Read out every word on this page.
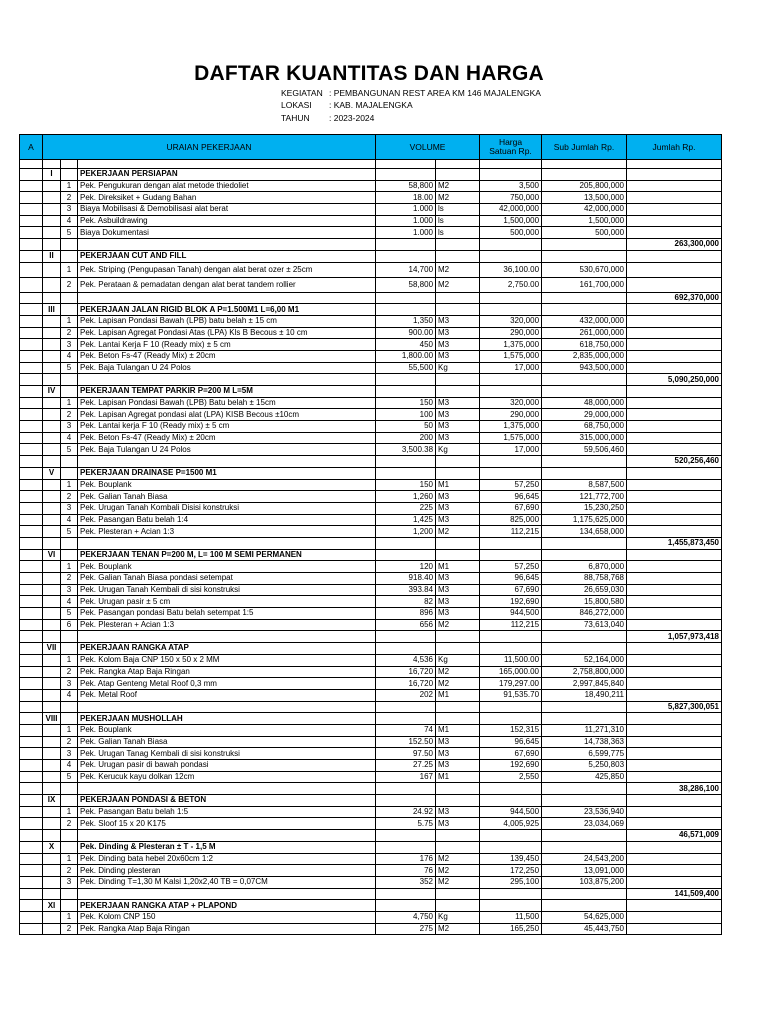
DAFTAR KUANTITAS DAN HARGA
KEGIATAN : PEMBANGUNAN REST AREA KM 146 MAJALENGKA
LOKASI	: KAB. MAJALENGKA
TAHUN	: 2023-2024
A	URAIAN PEKERJAAN			VOLUME		Harga
Satuan Rp.	Sub Jumlah Rp.	Jumlah Rp.

	I		PEKERJAAN PERSIAPAN					
		1	Pek. Pengukuran dengan alat metode thiedoliet	58,800	M2	3,500	205,800,000	
		2	Pek. Direksiket + Gudang Bahan	18.00	M2	750,000	13,500,000	
		3	Biaya Mobilisasi & Demobilisasi alat berat	1.000	ls	42,000,000	42,000,000	
		4	Pek. Asbuildrawing	1.000	ls	1,500,000	1,500,000	
		5	Biaya Dokumentasi	1.000	ls	500,000	500,000	
								263,300,000
	II		PEKERJAAN CUT AND FILL					
		1	Pek. Striping (Pengupasan Tanah) dengan alat berat ozer ± 25cm	14,700	M2	36,100.00	530,670,000	
		2	Pek. Perataan & pemadatan dengan alat berat tandem rollier	58,800	M2	2,750.00	161,700,000	
								692,370,000
	III		PEKERJAAN JALAN RIGID BLOK A P=1.500M1 L=6,00 M1					
		1	Pek. Lapisan Pondasi Bawah (LPB) batu belah ± 15 cm	1,350	M3	320,000	432,000,000	
		2	Pek. Lapisan Agregat Pondasi Atas (LPA) Kls B Becous ± 10 cm	900.00	M3	290,000	261,000,000	
		3	Pek. Lantai Kerja F 10 (Ready mix) ± 5 cm	450	M3	1,375,000	618,750,000	
		4	Pek. Beton Fs-47 (Ready Mix) ± 20cm	1,800.00	M3	1,575,000	2,835,000,000	
		5	Pek. Baja Tulangan U 24 Polos	55,500	Kg	17,000	943,500,000	
								5,090,250,000
	IV		PEKERJAAN TEMPAT PARKIR P=200 M L=5M					
		1	Pek. Lapisan Pondasi Bawah (LPB) Batu belah ± 15cm	150	M3	320,000	48,000,000	
		2	Pek. Lapisan Agregat pondasi alat (LPA) KISB Becous ±10cm	100	M3	290,000	29,000,000	
		3	Pek. Lantai kerja F 10 (Ready mix) ± 5 cm	50	M3	1,375,000	68,750,000	
		4	Pek. Beton Fs-47 (Ready Mix) ± 20cm	200	M3	1,575,000	315,000,000	
		5	Pek. Baja Tulangan U 24 Polos	3,500.38	Kg	17,000	59,506,460	
								520,256,460
	V		PEKERJAAN DRAINASE P=1500 M1					
		1	Pek. Bouplank	150	M1	57,250	8,587,500	
		2	Pek. Galian Tanah Biasa	1,260	M3	96,645	121,772,700	
		3	Pek. Urugan Tanah Kombali Disisi konstruksi	225	M3	67,690	15,230,250	
		4	Pek. Pasangan Batu belah 1:4	1,425	M3	825,000	1,175,625,000	
		5	Pek. Plesteran + Acian 1:3	1,200	M2	112,215	134,658,000	
								1,455,873,450
	VI		PEKERJAAN TENAN P=200 M, L= 100 M SEMI PERMANEN					
		1	Pek. Bouplank	120	M1	57,250	6,870,000	
		2	Pek. Galian Tanah Biasa pondasi setempat	918.40	M3	96,645	88,758,768	
		3	Pek. Urugan Tanah Kembali di sisi konstruksi	393.84	M3	67,690	26,659,030	
		4	Pek. Urugan pasir ± 5 cm	82	M3	192,690	15,800,580	
		5	Pek. Pasangan pondasi Batu belah setempat 1:5	896	M3	944,500	846,272,000	
		6	Pek. Plesteran + Acian 1:3	656	M2	112,215	73,613,040	
								1,057,973,418
	VII		PEKERJAAN RANGKA ATAP					
		1	Pek. Kolom Baja CNP 150 x 50 x 2 MM	4,536	Kg	11,500.00	52,164,000	
		2	Pek. Rangka Atap Baja Ringan	16,720	M2	165,000.00	2,758,800,000	
		3	Pek. Atap Genteng Metal Roof 0,3 mm	16,720	M2	179,297.00	2,997,845,840	
		4	Pek. Metal Roof	202	M1	91,535.70	18,490,211	
								5,827,300,051
	VIII		PEKERJAAN MUSHOLLAH					
		1	Pek. Bouplank	74	M1	152,315	11,271,310	
		2	Pek. Galian Tanah Biasa	152.50	M3	96,645	14,738,363	
		3	Pek. Urugan Tanag Kembali di sisi konstruksi	97.50	M3	67,690	6,599,775	
		4	Pek. Urugan pasir di bawah pondasi	27.25	M3	192,690	5,250,803	
		5	Pek. Kerucuk kayu dolkan 12cm	167	M1	2,550	425,850	
								38,286,100
	IX		PEKERJAAN PONDASI & BETON					
		1	Pek. Pasangan Batu belah 1:5	24.92	M3	944,500	23,536,940	
		2	Pek. Sloof 15 x 20 K175	5.75	M3	4,005,925	23,034,069	
								46,571,009
	X		Pek. Dinding & Plesteran ± T - 1,5 M					
		1	Pek. Dinding bata hebel 20x60cm 1:2	176	M2	139,450	24,543,200	
		2	Pek. Dinding plesteran	76	M2	172,250	13,091,000	
		3	Pek. Dinding T=1,30 M Kalsi 1,20x2,40 TB = 0,07CM	352	M2	295,100	103,875,200	
								141,509,400
	XI		PEKERJAAN RANGKA ATAP + PLAPOND					
		1	Pek. Kolom CNP 150	4,750	Kg	11,500	54,625,000	
		2	Pek. Rangka Atap Baja Ringan	275	M2	165,250	45,443,750	
